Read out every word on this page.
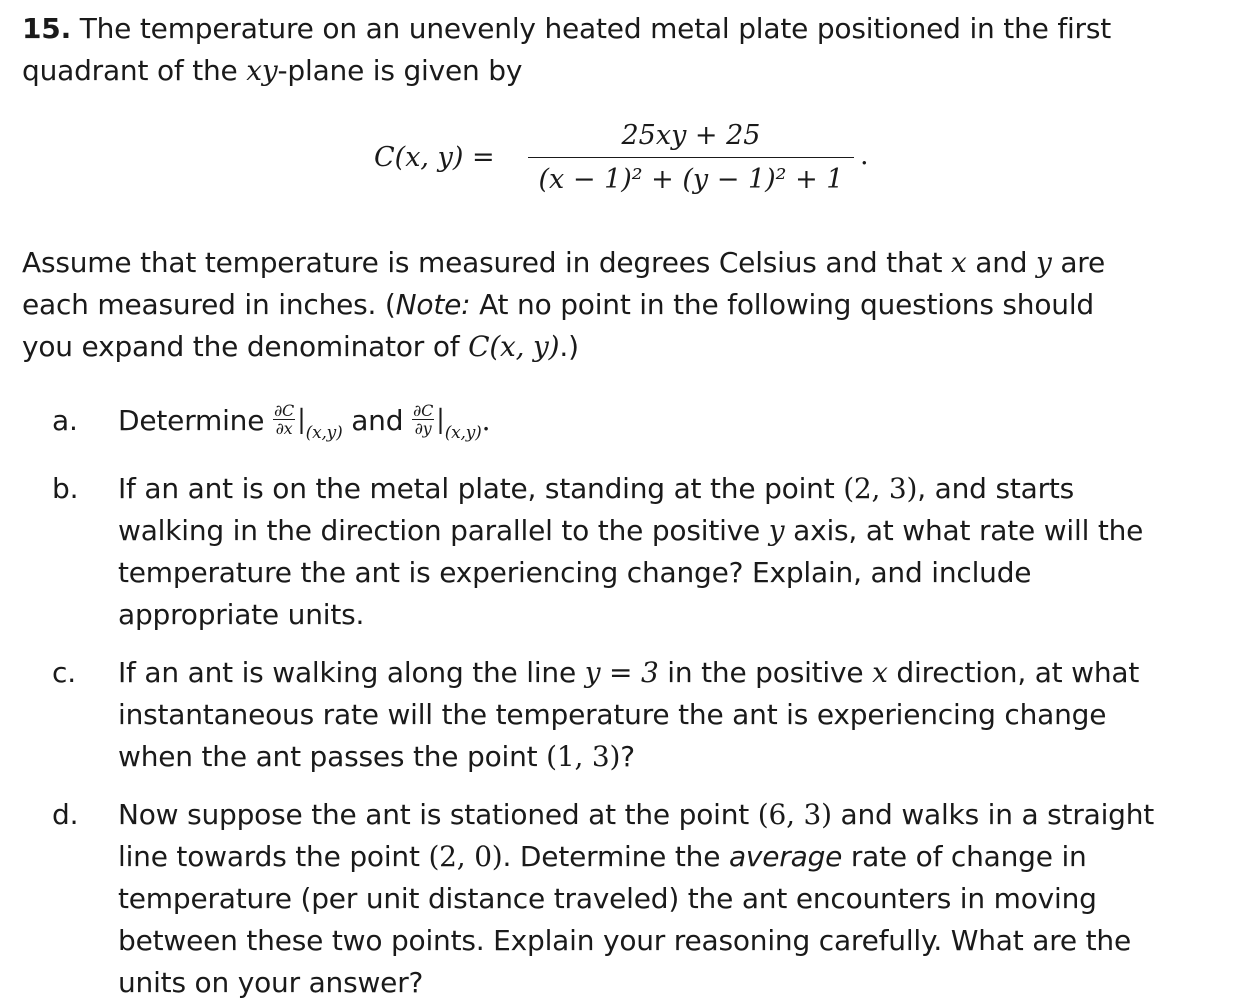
15. The temperature on an unevenly heated metal plate positioned in the first
quadrant of the xy-plane is given by
C(x, y) =
25xy + 25
(x − 1)² + (y − 1)² + 1
.
Assume that temperature is measured in degrees Celsius and that x and y are
each measured in inches. (Note: At no point in the following questions should
you expand the denominator of C(x, y).)
a.	Determine $\frac{\partial C}{\partial x} |_{(x,y)}$ and $\frac{\partial C}{\partial y} |_{(x,y)}$.
b.	If an ant is on the metal plate, standing at the point (2, 3), and starts
walking in the direction parallel to the positive y axis, at what rate will the
temperature the ant is experiencing change? Explain, and include
appropriate units.
c.	If an ant is walking along the line y = 3 in the positive x direction, at what
instantaneous rate will the temperature the ant is experiencing change
when the ant passes the point (1, 3)?
d.	Now suppose the ant is stationed at the point (6, 3) and walks in a straight
line towards the point (2, 0). Determine the average rate of change in
temperature (per unit distance traveled) the ant encounters in moving
between these two points. Explain your reasoning carefully. What are the
units on your answer?
